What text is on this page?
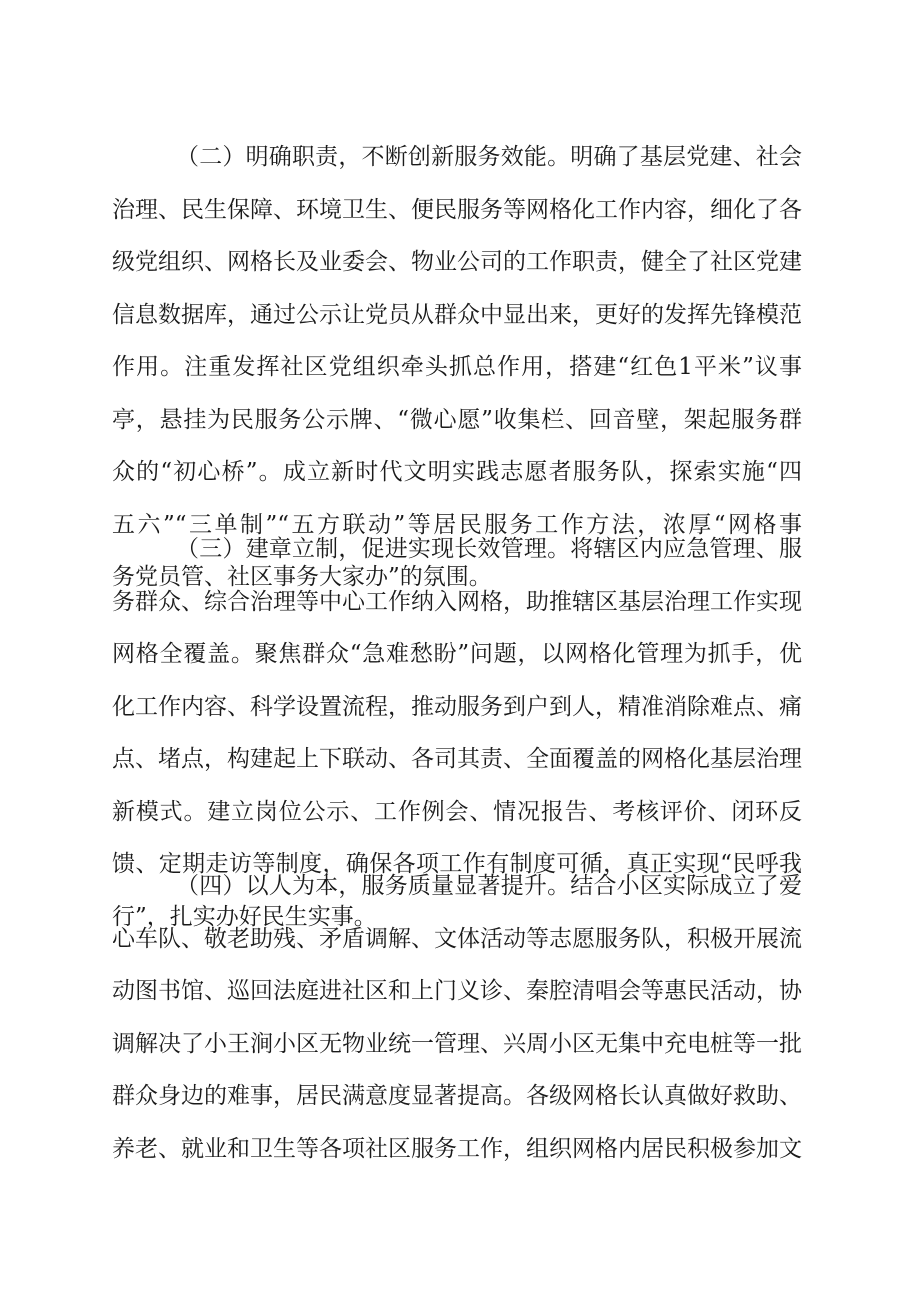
（二）明确职责，不断创新服务效能。明确了基层党建、社会
治理、民生保障、环境卫生、便民服务等网格化工作内容，细化了各
级党组织、网格长及业委会、物业公司的工作职责，健全了社区党建
信息数据库，通过公示让党员从群众中显出来，更好的发挥先锋模范
作用。注重发挥社区党组织牵头抓总作用，搭建“红色1平米”议事
亭，悬挂为民服务公示牌、“微心愿”收集栏、回音壁，架起服务群
众的“初心桥”。成立新时代文明实践志愿者服务队，探索实施“四
五六”“三单制”“五方联动”等居民服务工作方法，浓厚“网格事
务党员管、社区事务大家办”的氛围。
（三）建章立制，促进实现长效管理。将辖区内应急管理、服
务群众、综合治理等中心工作纳入网格，助推辖区基层治理工作实现
网格全覆盖。聚焦群众“急难愁盼”问题，以网格化管理为抓手，优
化工作内容、科学设置流程，推动服务到户到人，精准消除难点、痛
点、堵点，构建起上下联动、各司其责、全面覆盖的网格化基层治理
新模式。建立岗位公示、工作例会、情况报告、考核评价、闭环反
馈、定期走访等制度，确保各项工作有制度可循，真正实现“民呼我
行”，扎实办好民生实事。
（四）以人为本，服务质量显著提升。结合小区实际成立了爱
心车队、敬老助残、矛盾调解、文体活动等志愿服务队，积极开展流
动图书馆、巡回法庭进社区和上门义诊、秦腔清唱会等惠民活动，协
调解决了小王涧小区无物业统一管理、兴周小区无集中充电桩等一批
群众身边的难事，居民满意度显著提高。各级网格长认真做好救助、
养老、就业和卫生等各项社区服务工作，组织网格内居民积极参加文
